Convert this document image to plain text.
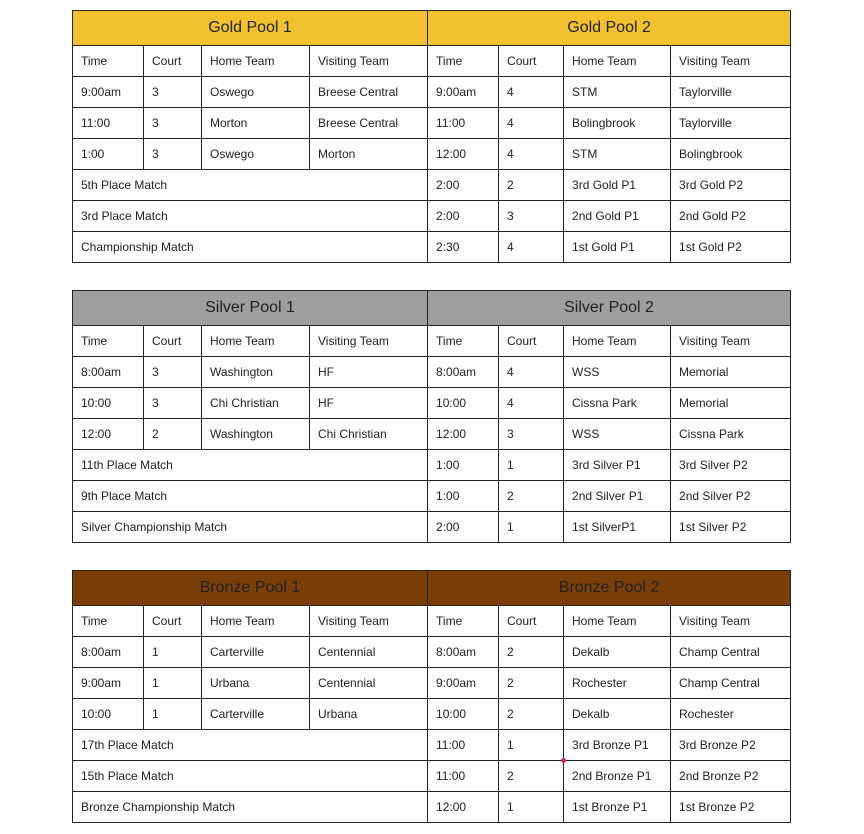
Gold Pool 1				Gold Pool 2			
Time	Court	Home Team	Visiting Team	Time	Court	Home Team	Visiting Team
9:00am	3	Oswego	Breese Central	9:00am	4	STM	Taylorville
11:00	3	Morton	Breese Central	11:00	4	Bolingbrook	Taylorville
1:00	3	Oswego	Morton	12:00	4	STM	Bolingbrook
5th Place Match				2:00	2	3rd Gold P1	3rd Gold P2
3rd Place Match				2:00	3	2nd Gold P1	2nd Gold P2
Championship Match				2:30	4	1st Gold P1	1st Gold P2
Silver Pool 1				Silver Pool 2			
Time	Court	Home Team	Visiting Team	Time	Court	Home Team	Visiting Team
8:00am	3	Washington	HF	8:00am	4	WSS	Memorial
10:00	3	Chi Christian	HF	10:00	4	Cissna Park	Memorial
12:00	2	Washington	Chi Christian	12:00	3	WSS	Cissna Park
11th Place Match				1:00	1	3rd Silver P1	3rd Silver P2
9th Place Match				1:00	2	2nd Silver P1	2nd Silver P2
Silver Championship Match				2:00	1	1st SilverP1	1st Silver P2
Bronze Pool 1				Bronze Pool 2			
Time	Court	Home Team	Visiting Team	Time	Court	Home Team	Visiting Team
8:00am	1	Carterville	Centennial	8:00am	2	Dekalb	Champ Central
9:00am	1	Urbana	Centennial	9:00am	2	Rochester	Champ Central
10:00	1	Carterville	Urbana	10:00	2	Dekalb	Rochester
17th Place Match				11:00	1	3rd Bronze P1	3rd Bronze P2
15th Place Match				11:00	2	2nd Bronze P1	2nd Bronze P2
Bronze Championship Match				12:00	1	1st Bronze P1	1st Bronze P2
